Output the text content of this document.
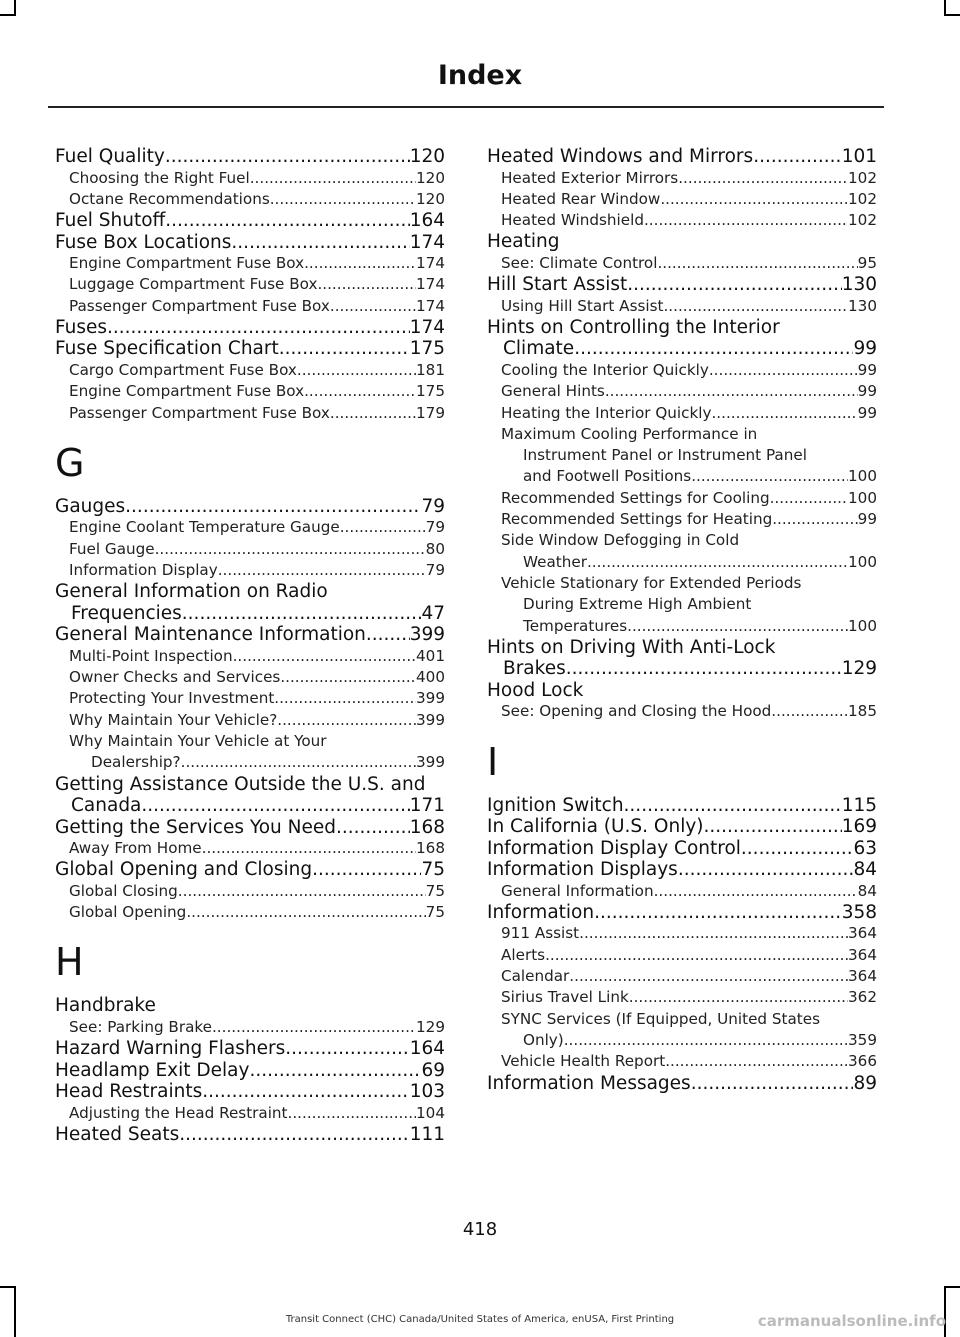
Index
Fuel Quality .....	120
Choosing the Right Fuel .....	120
Octane Recommendations .....	120
Fuel Shutoff .....	164
Fuse Box Locations .....	174
Engine Compartment Fuse Box .....	174
Luggage Compartment Fuse Box .....	174
Passenger Compartment Fuse Box .....	174
Fuses .....	174
Fuse Specification Chart .....	175
Cargo Compartment Fuse Box .....	181
Engine Compartment Fuse Box .....	175
Passenger Compartment Fuse Box .....	179
G
Gauges .....	79
Engine Coolant Temperature Gauge .....	79
Fuel Gauge .....	80
Information Display .....	79
General Information on Radio
Frequencies .....	47
General Maintenance Information ..... 399
Multi-Point Inspection .....	401
Owner Checks and Services .....	400
Protecting Your Investment .....	399
Why Maintain Your Vehicle? .....	399
Why Maintain Your Vehicle at Your
Dealership? .....	399
Getting Assistance Outside the U.S. and
Canada .....	171
Getting the Services You Need .....	168
Away From Home .....	168
Global Opening and Closing .....	75
Global Closing .....	75
Global Opening .....	75
H
Handbrake
See: Parking Brake .....	129
Hazard Warning Flashers .....	164
Headlamp Exit Delay .....	69
Head Restraints .....	103
Adjusting the Head Restraint .....	104
Heated Seats .....	111
Heated Windows and Mirrors .....	101
Heated Exterior Mirrors .....	102
Heated Rear Window .....	102
Heated Windshield .....	102
Heating
See: Climate Control .....	95
Hill Start Assist .....	130
Using Hill Start Assist .....	130
Hints on Controlling the Interior
Climate .....	99
Cooling the Interior Quickly .....	99
General Hints .....	99
Heating the Interior Quickly .....	99
Maximum Cooling Performance in
Instrument Panel or Instrument Panel
and Footwell Positions .....	100
Recommended Settings for Cooling .....	100
Recommended Settings for Heating .....	99
Side Window Defogging in Cold
Weather .....	100
Vehicle Stationary for Extended Periods
During Extreme High Ambient
Temperatures .....	100
Hints on Driving With Anti-Lock
Brakes .....	129
Hood Lock
See: Opening and Closing the Hood .....	185
I
Ignition Switch .....	115
In California (U.S. Only) .....	169
Information Display Control .....	63
Information Displays .....	84
General Information .....	84
Information .....	358
911 Assist .....	364
Alerts .....	364
Calendar .....	364
Sirius Travel Link .....	362
SYNC Services (If Equipped, United States
Only) .....	359
Vehicle Health Report .....	366
Information Messages .....	89
418
Transit Connect (CHC) Canada/United States of America, enUSA, First Printing	carmanualsonline.info
